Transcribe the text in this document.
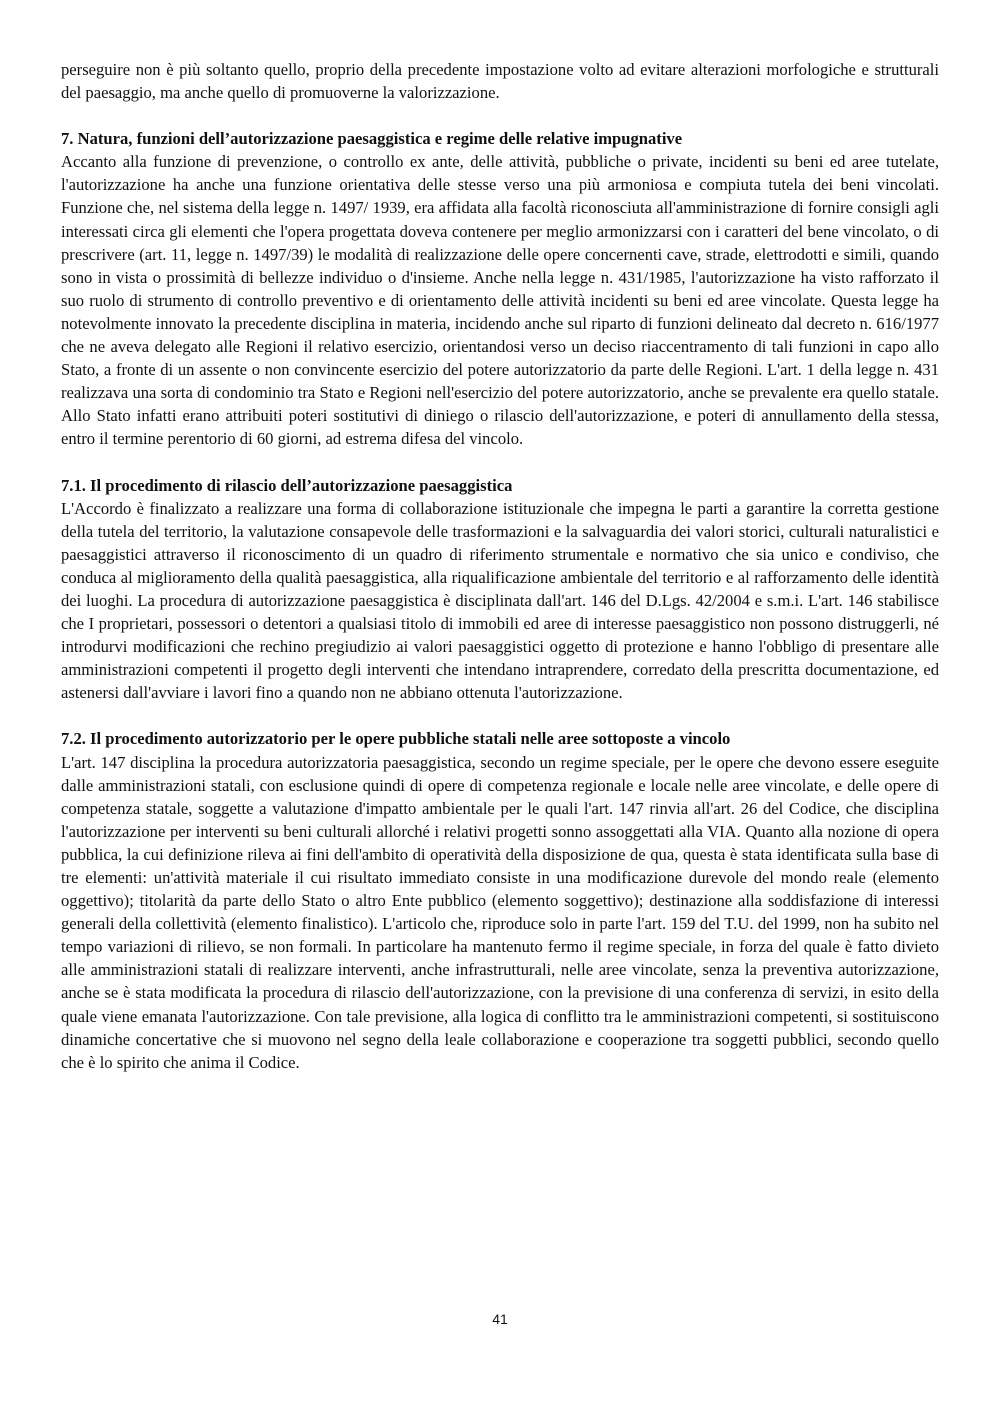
perseguire non è più soltanto quello, proprio della precedente impostazione volto ad evitare alterazioni morfologiche e strutturali del paesaggio, ma anche quello di promuoverne la valorizzazione.

7. Natura, funzioni dell’autorizzazione paesaggistica e regime delle relative impugnative

Accanto alla funzione di prevenzione, o controllo ex ante, delle attività, pubbliche o private, incidenti su beni ed aree tutelate, l'autorizzazione ha anche una funzione orientativa delle stesse verso una più armoniosa e compiuta tutela dei beni vincolati. Funzione che, nel sistema della legge n. 1497/ 1939, era affidata alla facoltà riconosciuta all'amministrazione di fornire consigli agli interessati circa gli elementi che l'opera progettata doveva contenere per meglio armonizzarsi con i caratteri del bene vincolato, o di prescrivere (art. 11, legge n. 1497/39) le modalità di realizzazione delle opere concernenti cave, strade, elettrodotti e simili, quando sono in vista o prossimità di bellezze individuo o d'insieme. Anche nella legge n. 431/1985, l'autorizzazione ha visto rafforzato il suo ruolo di strumento di controllo preventivo e di orientamento delle attività incidenti su beni ed aree vincolate. Questa legge ha notevolmente innovato la precedente disciplina in materia, incidendo anche sul riparto di funzioni delineato dal decreto n. 616/1977 che ne aveva delegato alle Regioni il relativo esercizio, orientandosi verso un deciso riaccentramento di tali funzioni in capo allo Stato, a fronte di un assente o non convincente esercizio del potere autorizzatorio da parte delle Regioni. L'art. 1 della legge n. 431 realizzava una sorta di condominio tra Stato e Regioni nell'esercizio del potere autorizzatorio, anche se prevalente era quello statale. Allo Stato infatti erano attribuiti poteri sostitutivi di diniego o rilascio dell'autorizzazione, e poteri di annullamento della stessa, entro il termine perentorio di 60 giorni, ad estrema difesa del vincolo.

7.1. Il procedimento di rilascio dell’autorizzazione paesaggistica

L'Accordo è finalizzato a realizzare una forma di collaborazione istituzionale che impegna le parti a garantire la corretta gestione della tutela del territorio, la valutazione consapevole delle trasformazioni e la salvaguardia dei valori storici, culturali naturalistici e paesaggistici attraverso il riconoscimento di un quadro di riferimento strumentale e normativo che sia unico e condiviso, che conduca al miglioramento della qualità paesaggistica, alla riqualificazione ambientale del territorio e al rafforzamento delle identità dei luoghi. La procedura di autorizzazione paesaggistica è disciplinata dall'art. 146 del D.Lgs. 42/2004 e s.m.i. L'art. 146 stabilisce che I proprietari, possessori o detentori a qualsiasi titolo di immobili ed aree di interesse paesaggistico non possono distruggerli, né introdurvi modificazioni che rechino pregiudizio ai valori paesaggistici oggetto di protezione e hanno l'obbligo di presentare alle amministrazioni competenti il progetto degli interventi che intendano intraprendere, corredato della prescritta documentazione, ed astenersi dall'avviare i lavori fino a quando non ne abbiano ottenuta l'autorizzazione.

7.2. Il procedimento autorizzatorio per le opere pubbliche statali nelle aree sottoposte a vincolo

L'art. 147 disciplina la procedura autorizzatoria paesaggistica, secondo un regime speciale, per le opere che devono essere eseguite dalle amministrazioni statali, con esclusione quindi di opere di competenza regionale e locale nelle aree vincolate, e delle opere di competenza statale, soggette a valutazione d'impatto ambientale per le quali l'art. 147 rinvia all'art. 26 del Codice, che disciplina l'autorizzazione per interventi su beni culturali allorché i relativi progetti sonno assoggettati alla VIA. Quanto alla nozione di opera pubblica, la cui definizione rileva ai fini dell'ambito di operatività della disposizione de qua, questa è stata identificata sulla base di tre elementi: un'attività materiale il cui risultato immediato consiste in una modificazione durevole del mondo reale (elemento oggettivo); titolarità da parte dello Stato o altro Ente pubblico (elemento soggettivo); destinazione alla soddisfazione di interessi generali della collettività (elemento finalistico). L'articolo che, riproduce solo in parte l'art. 159 del T.U. del 1999, non ha subito nel tempo variazioni di rilievo, se non formali. In particolare ha mantenuto fermo il regime speciale, in forza del quale è fatto divieto alle amministrazioni statali di realizzare interventi, anche infrastrutturali, nelle aree vincolate, senza la preventiva autorizzazione, anche se è stata modificata la procedura di rilascio dell'autorizzazione, con la previsione di una conferenza di servizi, in esito della quale viene emanata l'autorizzazione. Con tale previsione, alla logica di conflitto tra le amministrazioni competenti, si sostituiscono dinamiche concertative che si muovono nel segno della leale collaborazione e cooperazione tra soggetti pubblici, secondo quello che è lo spirito che anima il Codice.

41
